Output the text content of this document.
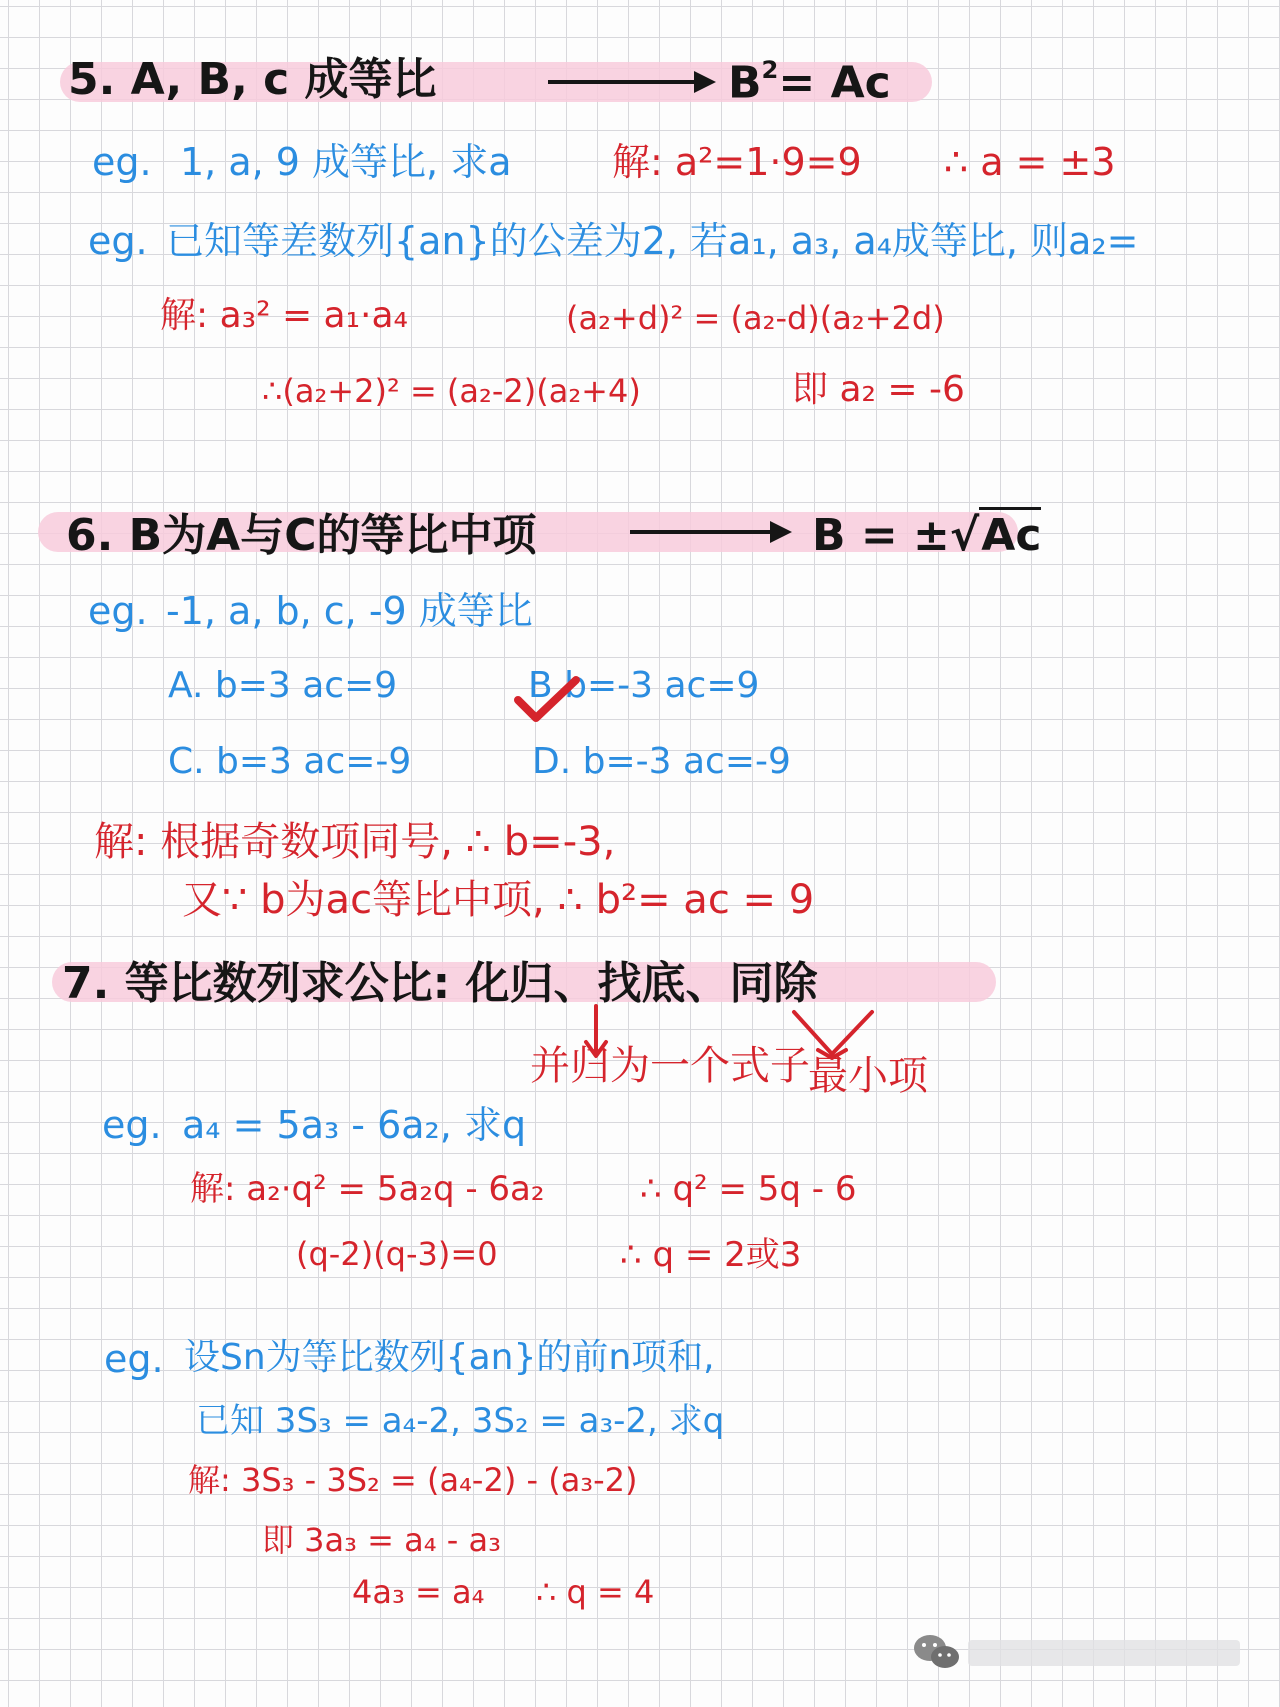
5. A, B, c 成等比	$B^2= Ac$
eg. 1, a, 9 成等比, 求a	解: a²=1·9=9 ∴ a = ±3
eg. 已知等差数列{an}的公差为2, 若a₁, a₃, a₄成等比, 则a₂=
解: a₃² = a₁·a₄	(a₂+d)² = (a₂-d)(a₂+2d)
∴(a₂+2)² = (a₂-2)(a₂+4)	即 a₂ = -6
6. B为A与C的等比中项	B = ±√Ac
eg. -1, a, b, c, -9 成等比
A. b=3 ac=9	B b=-3 ac=9
C. b=3 ac=-9	D. b=-3 ac=-9
解: 根据奇数项同号, ∴ b=-3,
又∵ b为ac等比中项, ∴ b²= ac = 9
7. 等比数列求公比: 化归、找底、同除
并归为一个式子
最小项
eg. a₄ = 5a₃ - 6a₂, 求q
解: a₂·q² = 5a₂q - 6a₂	∴ q² = 5q - 6
(q-2)(q-3)=0	∴ q = 2或3
eg. 设Sn为等比数列{an}的前n项和,
已知 3S₃ = a₄-2, 3S₂ = a₃-2, 求q
解: 3S₃ - 3S₂ = (a₄-2) - (a₃-2)
即 3a₃ = a₄ - a₃
4a₃ = a₄ ∴ q = 4
